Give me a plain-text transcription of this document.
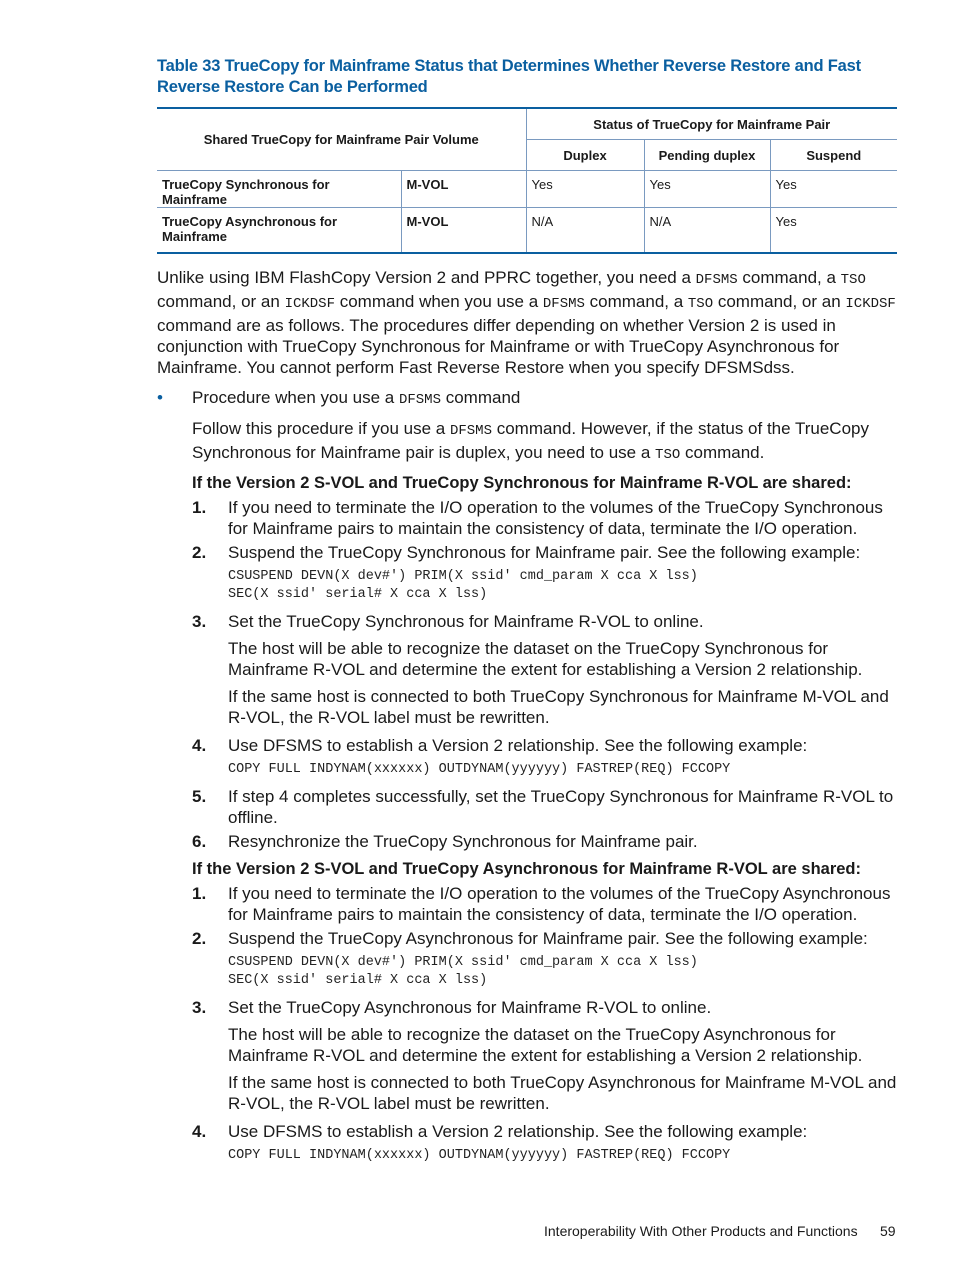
Table 33 TrueCopy for Mainframe Status that Determines Whether Reverse Restore and Fast Reverse Restore Can be Performed

Shared TrueCopy for Mainframe Pair Volume		Status of TrueCopy for Mainframe Pair		
		Duplex	Pending duplex	Suspend
TrueCopy Synchronous for Mainframe	M-VOL	Yes	Yes	Yes
TrueCopy Asynchronous for Mainframe	M-VOL	N/A	N/A	Yes

Unlike using IBM FlashCopy Version 2 and PPRC together, you need a DFSMS command, a TSO command, or an ICKDSF command when you use a DFSMS command, a TSO command, or an ICKDSF command are as follows. The procedures differ depending on whether Version 2 is used in conjunction with TrueCopy Synchronous for Mainframe or with TrueCopy Asynchronous for Mainframe. You cannot perform Fast Reverse Restore when you specify DFSMSdss.

• Procedure when you use a DFSMS command

Follow this procedure if you use a DFSMS command. However, if the status of the TrueCopy Synchronous for Mainframe pair is duplex, you need to use a TSO command.

If the Version 2 S-VOL and TrueCopy Synchronous for Mainframe R-VOL are shared:

1. If you need to terminate the I/O operation to the volumes of the TrueCopy Synchronous for Mainframe pairs to maintain the consistency of data, terminate the I/O operation.

2. Suspend the TrueCopy Synchronous for Mainframe pair. See the following example:

CSUSPEND DEVN(X dev#') PRIM(X ssid' cmd_param X cca X lss)
SEC(X ssid' serial# X cca X lss)

3. Set the TrueCopy Synchronous for Mainframe R-VOL to online.

The host will be able to recognize the dataset on the TrueCopy Synchronous for Mainframe R-VOL and determine the extent for establishing a Version 2 relationship.

If the same host is connected to both TrueCopy Synchronous for Mainframe M-VOL and R-VOL, the R-VOL label must be rewritten.

4. Use DFSMS to establish a Version 2 relationship. See the following example:

COPY FULL INDYNAM(xxxxxx) OUTDYNAM(yyyyyy) FASTREP(REQ) FCCOPY

5. If step 4 completes successfully, set the TrueCopy Synchronous for Mainframe R-VOL to offline.

6. Resynchronize the TrueCopy Synchronous for Mainframe pair.

If the Version 2 S-VOL and TrueCopy Asynchronous for Mainframe R-VOL are shared:

1. If you need to terminate the I/O operation to the volumes of the TrueCopy Asynchronous for Mainframe pairs to maintain the consistency of data, terminate the I/O operation.

2. Suspend the TrueCopy Asynchronous for Mainframe pair. See the following example:

CSUSPEND DEVN(X dev#') PRIM(X ssid' cmd_param X cca X lss)
SEC(X ssid' serial# X cca X lss)

3. Set the TrueCopy Asynchronous for Mainframe R-VOL to online.

The host will be able to recognize the dataset on the TrueCopy Asynchronous for Mainframe R-VOL and determine the extent for establishing a Version 2 relationship.

If the same host is connected to both TrueCopy Asynchronous for Mainframe M-VOL and R-VOL, the R-VOL label must be rewritten.

4. Use DFSMS to establish a Version 2 relationship. See the following example:

COPY FULL INDYNAM(xxxxxx) OUTDYNAM(yyyyyy) FASTREP(REQ) FCCOPY
Interoperability With Other Products and Functions 59
